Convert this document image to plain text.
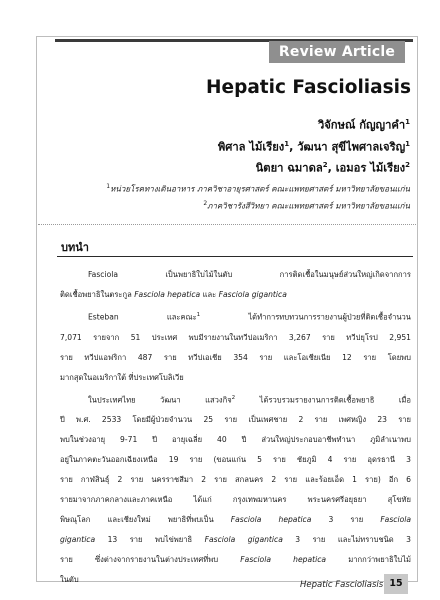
Review Article
Hepatic Fascioliasis
วิจักษณ์ กัญญาคำ$^1$
พิศาล ไม้เรียง$^1$, วัฒนา สุขีไพศาลเจริญ$^1$
นิตยา ฉมาดล$^2$, เอมอร ไม้เรียง$^2$
$^1$หน่วยโรคทางเดินอาหาร ภาควิชาอายุรศาสตร์ คณะแพทยศาสตร์ มหาวิทยาลัยขอนแก่น
$^2$ภาควิชารังสีวิทยา คณะแพทยศาสตร์ มหาวิทยาลัยขอนแก่น
บทนำ
Fasciola เป็นพยาธิใบไม้ในตับ การติดเชื้อในมนุษย์ส่วนใหญ่เกิดจากการ
ติดเชื้อพยาธิในตระกูล Fasciola hepatica และ Fasciola gigantica
Esteban และคณะ$^1$ ได้ทำการทบทวนการรายงานผู้ป่วยที่ติดเชื้อจำนวน
7,071 รายจาก 51 ประเทศ พบมีรายงานในทวีปอเมริกา 3,267 ราย ทวีปยุโรป 2,951
ราย ทวีปแอฟริกา 487 ราย ทวีปเอเชีย 354 ราย และโอเชียเนีย 12 ราย โดยพบ
มากสุดในอเมริกาใต้ ที่ประเทศโบลิเวีย
ในประเทศไทย วัฒนา แสวงกิจ$^2$ ได้รวบรวมรายงานการติดเชื้อพยาธิ เมื่อ
ปี พ.ศ. 2533 โดยมีผู้ป่วยจำนวน 25 ราย เป็นเพศชาย 2 ราย เพศหญิง 23 ราย
พบในช่วงอายุ 9-71 ปี อายุเฉลี่ย 40 ปี ส่วนใหญ่ประกอบอาชีพทำนา ภูมิลำเนาพบ
อยู่ในภาคตะวันออกเฉียงเหนือ 19 ราย (ขอนแก่น 5 ราย ชัยภูมิ 4 ราย อุดรธานี 3
ราย กาฬสินธุ์ 2 ราย นครราชสีมา 2 ราย สกลนคร 2 ราย และร้อยเอ็ด 1 ราย) อีก 6
รายมาจากภาคกลางและภาคเหนือ ได้แก่ กรุงเทพมหานคร พระนครศรีอยุธยา สุโขทัย
พิษณุโลก และเชียงใหม่ พยาธิที่พบเป็น Fasciola hepatica 3 ราย Fasciola
gigantica 13 ราย พบไข่พยาธิ Fasciola gigantica 3 ราย และไม่ทราบชนิด 3
ราย ซึ่งต่างจากรายงานในต่างประเทศที่พบ Fasciola hepatica มากกว่าพยาธิใบไม้
ในตับ
Hepatic Fascioliasis 15
